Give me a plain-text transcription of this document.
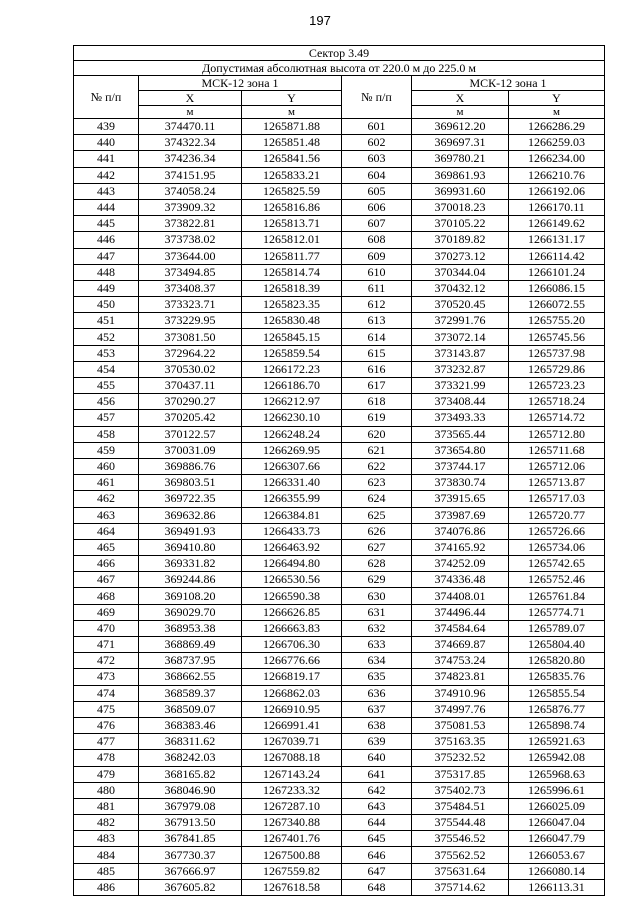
197
Сектор 3.49					
Допустимая абсолютная высота от 220.0 м до 225.0 м					
№ п/п	МСК-12 зона 1		№ п/п	МСК-12 зона 1	
	X	Y		X	Y
	м	м		м	м
439	374470.11	1265871.88	601	369612.20	1266286.29
440	374322.34	1265851.48	602	369697.31	1266259.03
441	374236.34	1265841.56	603	369780.21	1266234.00
442	374151.95	1265833.21	604	369861.93	1266210.76
443	374058.24	1265825.59	605	369931.60	1266192.06
444	373909.32	1265816.86	606	370018.23	1266170.11
445	373822.81	1265813.71	607	370105.22	1266149.62
446	373738.02	1265812.01	608	370189.82	1266131.17
447	373644.00	1265811.77	609	370273.12	1266114.42
448	373494.85	1265814.74	610	370344.04	1266101.24
449	373408.37	1265818.39	611	370432.12	1266086.15
450	373323.71	1265823.35	612	370520.45	1266072.55
451	373229.95	1265830.48	613	372991.76	1265755.20
452	373081.50	1265845.15	614	373072.14	1265745.56
453	372964.22	1265859.54	615	373143.87	1265737.98
454	370530.02	1266172.23	616	373232.87	1265729.86
455	370437.11	1266186.70	617	373321.99	1265723.23
456	370290.27	1266212.97	618	373408.44	1265718.24
457	370205.42	1266230.10	619	373493.33	1265714.72
458	370122.57	1266248.24	620	373565.44	1265712.80
459	370031.09	1266269.95	621	373654.80	1265711.68
460	369886.76	1266307.66	622	373744.17	1265712.06
461	369803.51	1266331.40	623	373830.74	1265713.87
462	369722.35	1266355.99	624	373915.65	1265717.03
463	369632.86	1266384.81	625	373987.69	1265720.77
464	369491.93	1266433.73	626	374076.86	1265726.66
465	369410.80	1266463.92	627	374165.92	1265734.06
466	369331.82	1266494.80	628	374252.09	1265742.65
467	369244.86	1266530.56	629	374336.48	1265752.46
468	369108.20	1266590.38	630	374408.01	1265761.84
469	369029.70	1266626.85	631	374496.44	1265774.71
470	368953.38	1266663.83	632	374584.64	1265789.07
471	368869.49	1266706.30	633	374669.87	1265804.40
472	368737.95	1266776.66	634	374753.24	1265820.80
473	368662.55	1266819.17	635	374823.81	1265835.76
474	368589.37	1266862.03	636	374910.96	1265855.54
475	368509.07	1266910.95	637	374997.76	1265876.77
476	368383.46	1266991.41	638	375081.53	1265898.74
477	368311.62	1267039.71	639	375163.35	1265921.63
478	368242.03	1267088.18	640	375232.52	1265942.08
479	368165.82	1267143.24	641	375317.85	1265968.63
480	368046.90	1267233.32	642	375402.73	1265996.61
481	367979.08	1267287.10	643	375484.51	1266025.09
482	367913.50	1267340.88	644	375544.48	1266047.04
483	367841.85	1267401.76	645	375546.52	1266047.79
484	367730.37	1267500.88	646	375562.52	1266053.67
485	367666.97	1267559.82	647	375631.64	1266080.14
486	367605.82	1267618.58	648	375714.62	1266113.31
